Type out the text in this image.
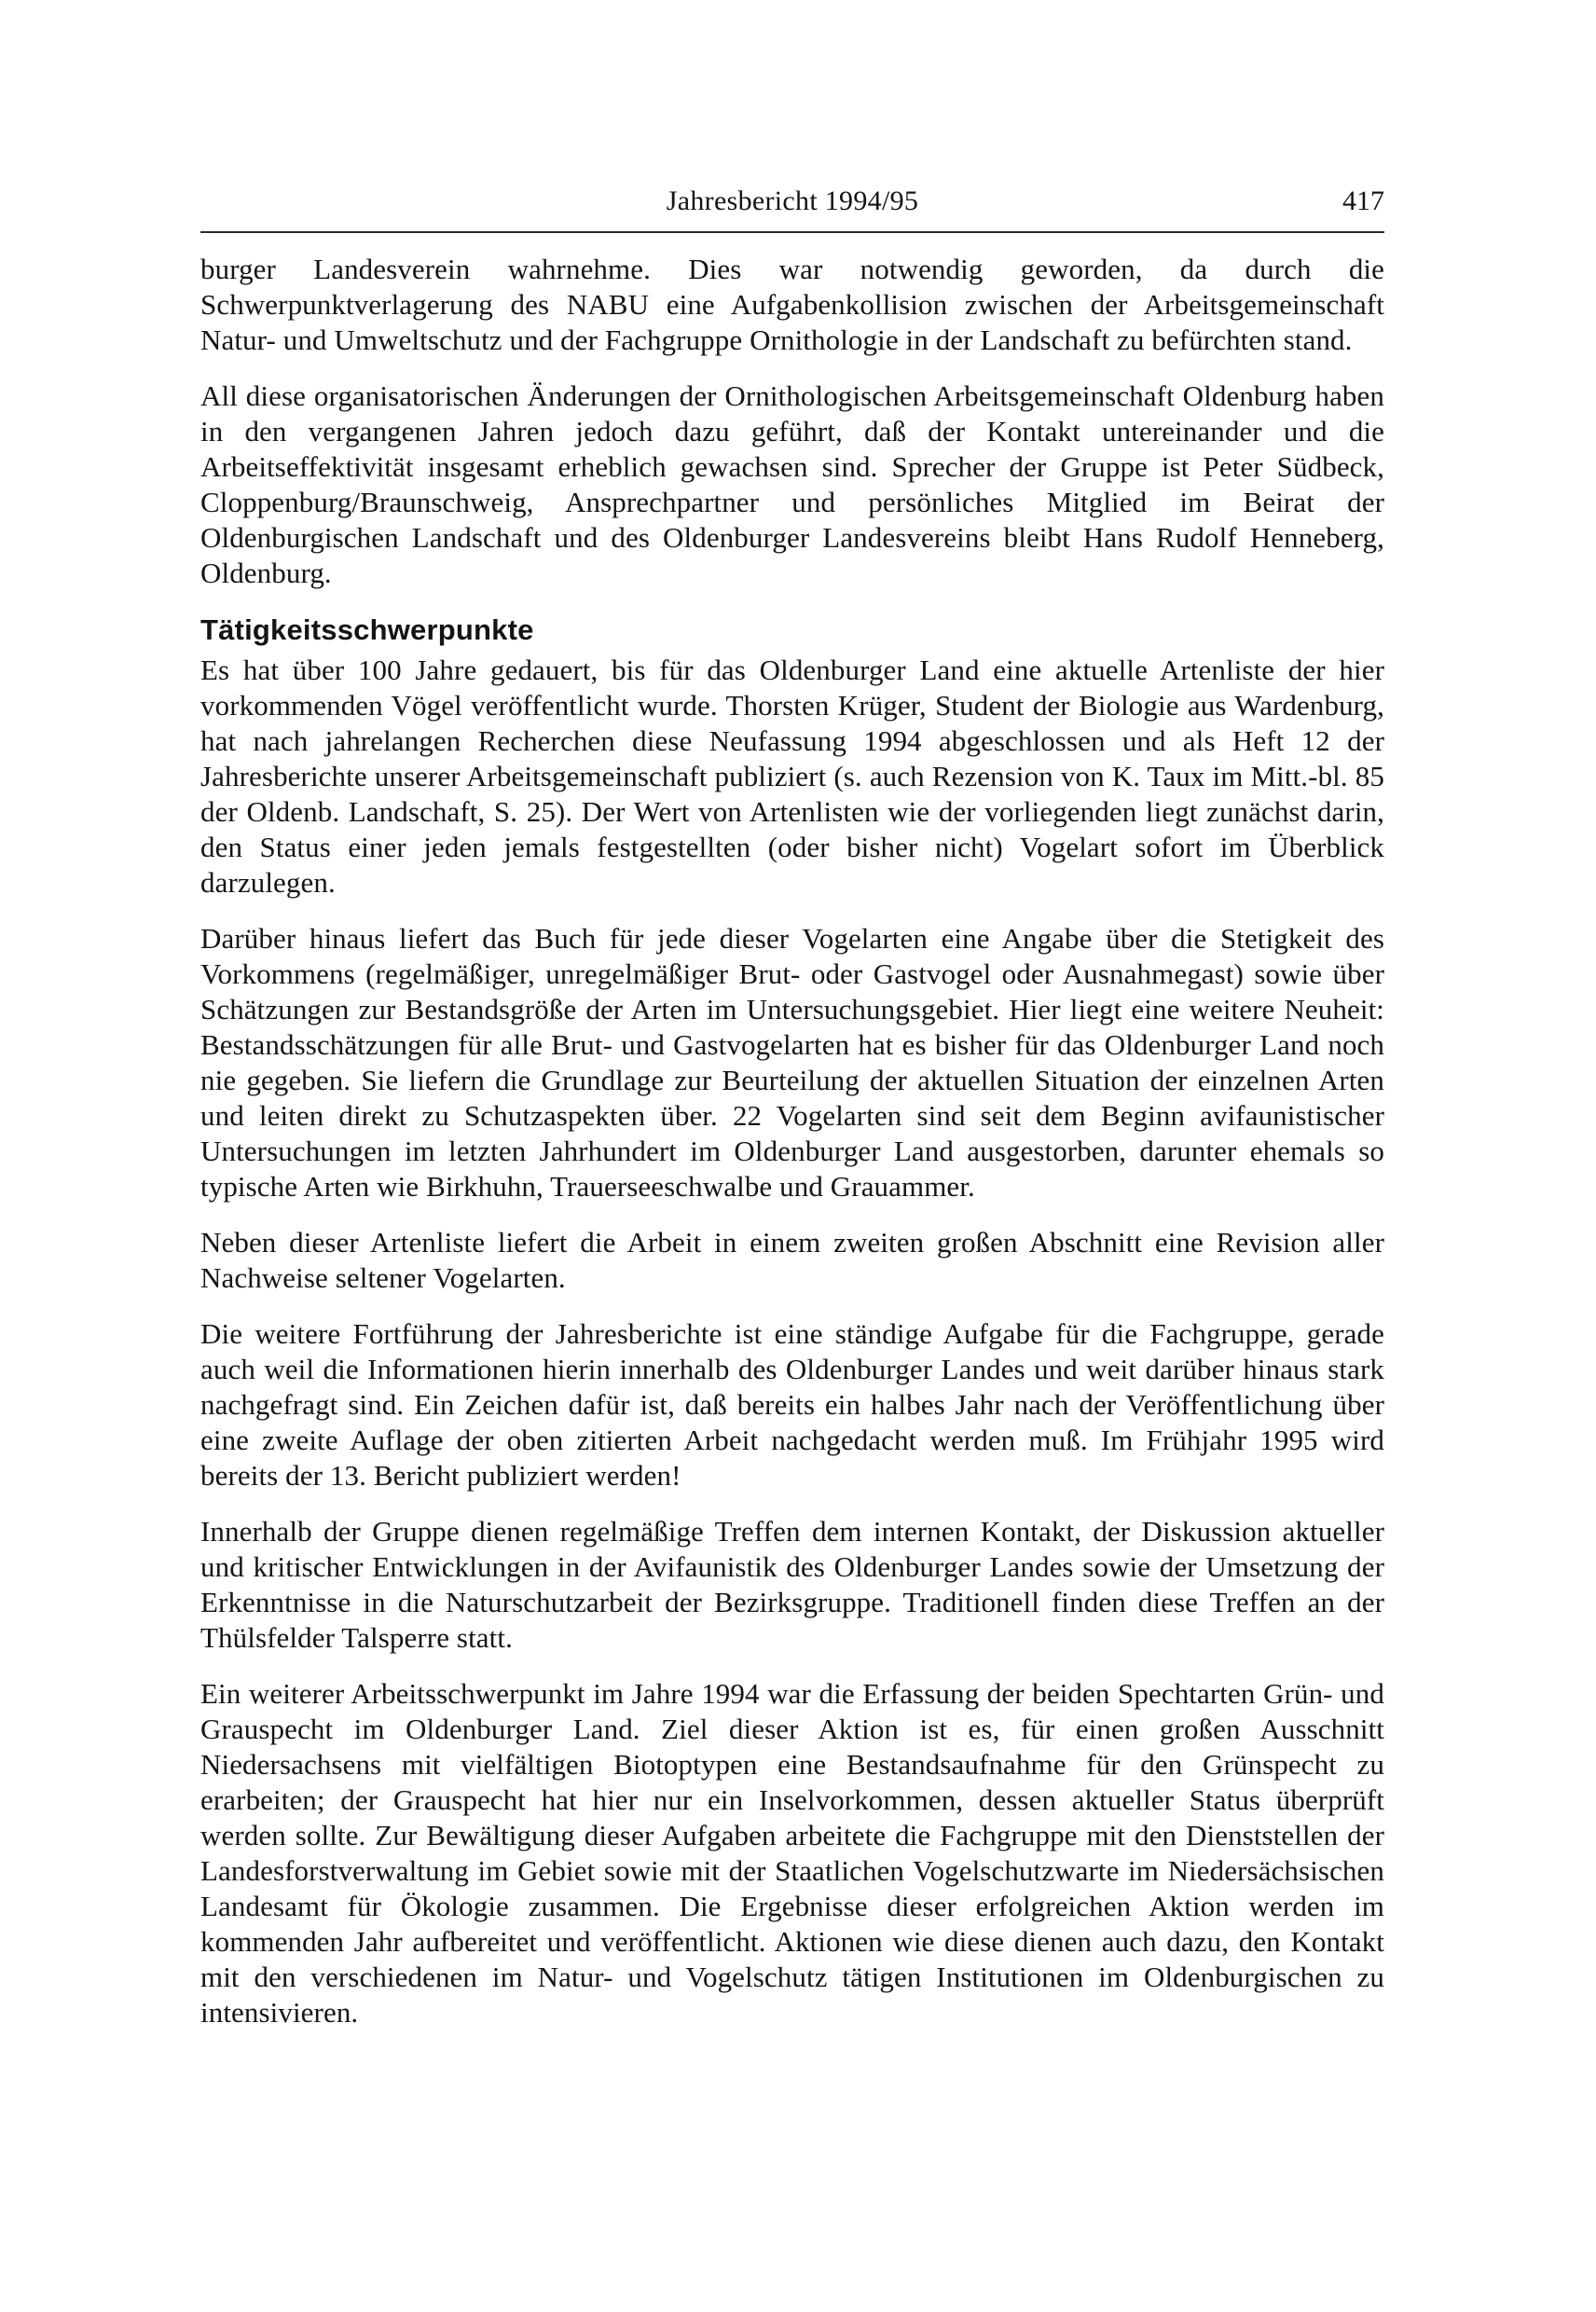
Jahresbericht 1994/95	417

burger Landesverein wahrnehme. Dies war notwendig geworden, da durch die Schwerpunktverlagerung des NABU eine Aufgabenkollision zwischen der Arbeitsgemeinschaft Natur- und Umweltschutz und der Fachgruppe Ornithologie in der Landschaft zu befürchten stand.

All diese organisatorischen Änderungen der Ornithologischen Arbeitsgemeinschaft Oldenburg haben in den vergangenen Jahren jedoch dazu geführt, daß der Kontakt untereinander und die Arbeitseffektivität insgesamt erheblich gewachsen sind. Sprecher der Gruppe ist Peter Südbeck, Cloppenburg/Braunschweig, Ansprechpartner und persönliches Mitglied im Beirat der Oldenburgischen Landschaft und des Oldenburger Landesvereins bleibt Hans Rudolf Henneberg, Oldenburg.

Tätigkeitsschwerpunkte

Es hat über 100 Jahre gedauert, bis für das Oldenburger Land eine aktuelle Artenliste der hier vorkommenden Vögel veröffentlicht wurde. Thorsten Krüger, Student der Biologie aus Wardenburg, hat nach jahrelangen Recherchen diese Neufassung 1994 abgeschlossen und als Heft 12 der Jahresberichte unserer Arbeitsgemeinschaft publiziert (s. auch Rezension von K. Taux im Mitt.-bl. 85 der Oldenb. Landschaft, S. 25). Der Wert von Artenlisten wie der vorliegenden liegt zunächst darin, den Status einer jeden jemals festgestellten (oder bisher nicht) Vogelart sofort im Überblick darzulegen.

Darüber hinaus liefert das Buch für jede dieser Vogelarten eine Angabe über die Stetigkeit des Vorkommens (regelmäßiger, unregelmäßiger Brut- oder Gastvogel oder Ausnahmegast) sowie über Schätzungen zur Bestandsgröße der Arten im Untersuchungsgebiet. Hier liegt eine weitere Neuheit: Bestandsschätzungen für alle Brut- und Gastvogelarten hat es bisher für das Oldenburger Land noch nie gegeben. Sie liefern die Grundlage zur Beurteilung der aktuellen Situation der einzelnen Arten und leiten direkt zu Schutzaspekten über. 22 Vogelarten sind seit dem Beginn avifaunistischer Untersuchungen im letzten Jahrhundert im Oldenburger Land ausgestorben, darunter ehemals so typische Arten wie Birkhuhn, Trauerseeschwalbe und Grauammer.

Neben dieser Artenliste liefert die Arbeit in einem zweiten großen Abschnitt eine Revision aller Nachweise seltener Vogelarten.

Die weitere Fortführung der Jahresberichte ist eine ständige Aufgabe für die Fachgruppe, gerade auch weil die Informationen hierin innerhalb des Oldenburger Landes und weit darüber hinaus stark nachgefragt sind. Ein Zeichen dafür ist, daß bereits ein halbes Jahr nach der Veröffentlichung über eine zweite Auflage der oben zitierten Arbeit nachgedacht werden muß. Im Frühjahr 1995 wird bereits der 13. Bericht publiziert werden!

Innerhalb der Gruppe dienen regelmäßige Treffen dem internen Kontakt, der Diskussion aktueller und kritischer Entwicklungen in der Avifaunistik des Oldenburger Landes sowie der Umsetzung der Erkenntnisse in die Naturschutzarbeit der Bezirksgruppe. Traditionell finden diese Treffen an der Thülsfelder Talsperre statt.

Ein weiterer Arbeitsschwerpunkt im Jahre 1994 war die Erfassung der beiden Spechtarten Grün- und Grauspecht im Oldenburger Land. Ziel dieser Aktion ist es, für einen großen Ausschnitt Niedersachsens mit vielfältigen Biotoptypen eine Bestandsaufnahme für den Grünspecht zu erarbeiten; der Grauspecht hat hier nur ein Inselvorkommen, dessen aktueller Status überprüft werden sollte. Zur Bewältigung dieser Aufgaben arbeitete die Fachgruppe mit den Dienststellen der Landesforstverwaltung im Gebiet sowie mit der Staatlichen Vogelschutzwarte im Niedersächsischen Landesamt für Ökologie zusammen. Die Ergebnisse dieser erfolgreichen Aktion werden im kommenden Jahr aufbereitet und veröffentlicht. Aktionen wie diese dienen auch dazu, den Kontakt mit den verschiedenen im Natur- und Vogelschutz tätigen Institutionen im Oldenburgischen zu intensivieren.
